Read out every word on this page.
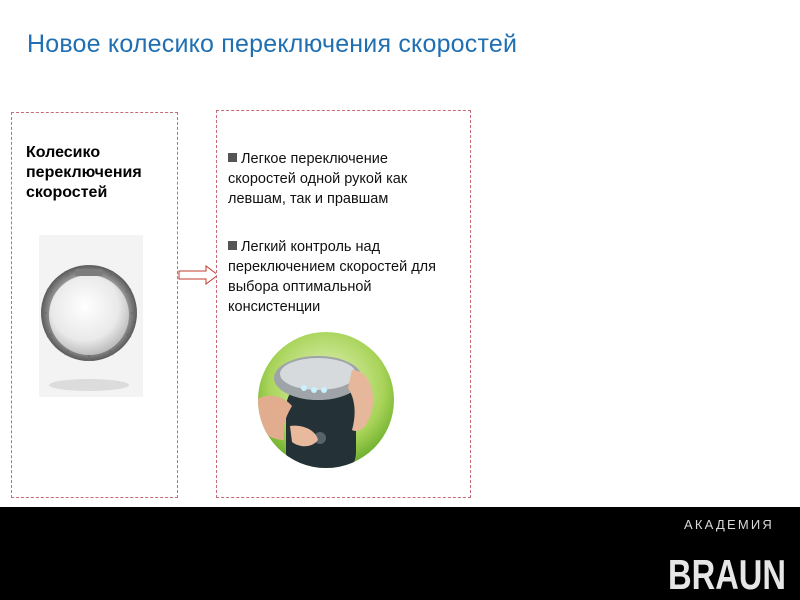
Новое колесико переключения скоростей
Колесико
переключения
скоростей
Легкое переключение скоростей одной рукой как левшам, так и правшам
Легкий контроль над переключением скоростей для выбора оптимальной консистенции
АКАДЕМИЯ
BRAUN
